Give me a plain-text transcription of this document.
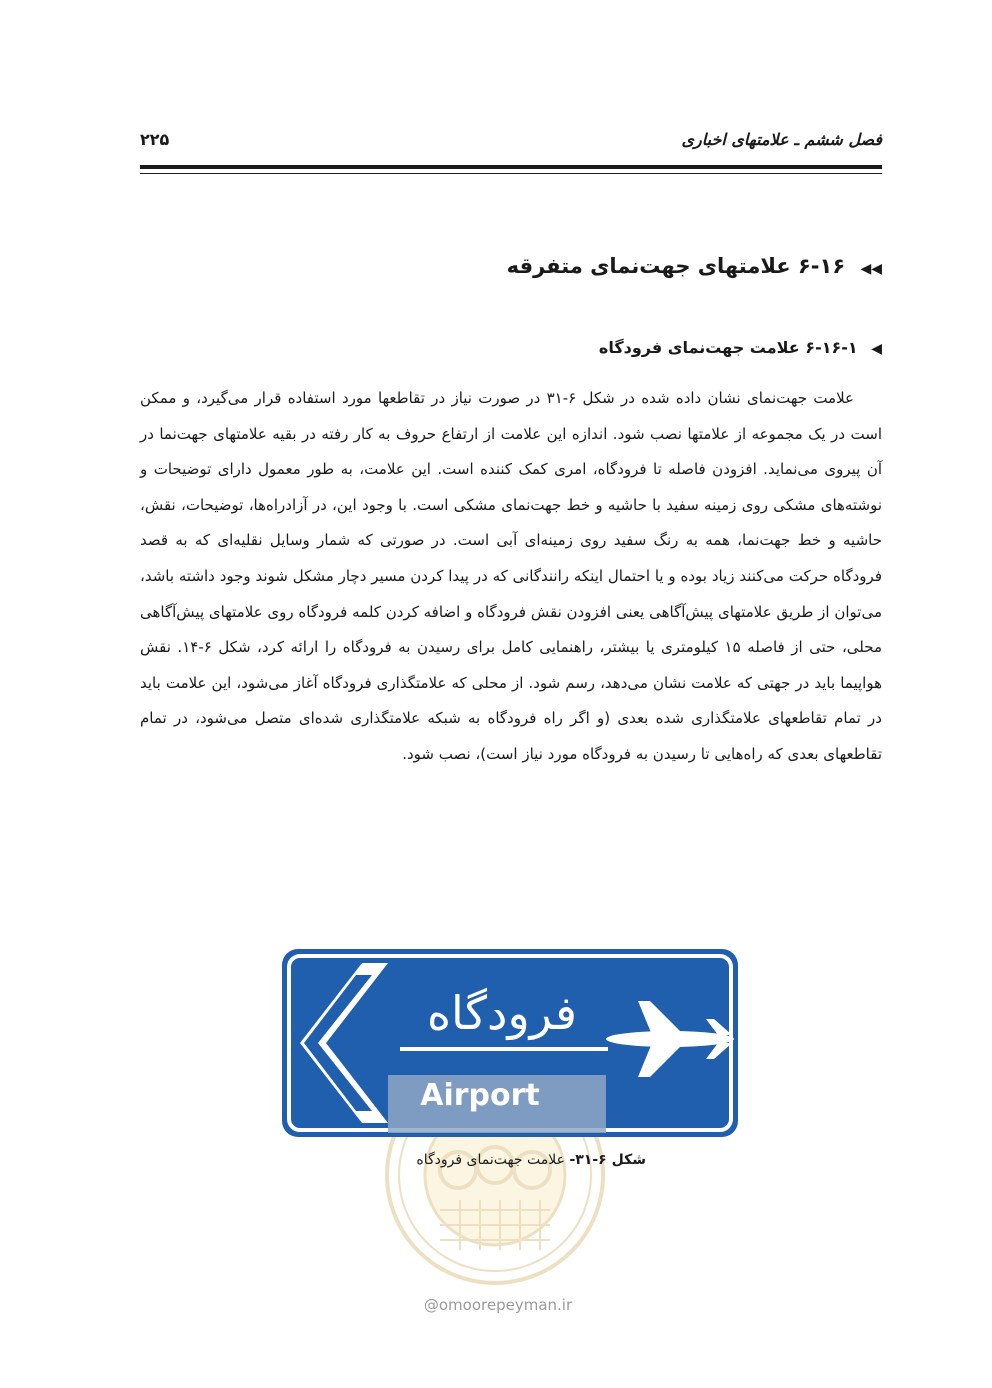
فصل ششم ـ علامتهای اخباری
۲۲۵
◀◀ ۶-۱۶ علامتهای جهت‌نمای متفرقه
◀ ۶-۱۶-۱ علامت جهت‌نمای فرودگاه

علامت جهت‌نمای نشان داده شده در شکل ۶-۳۱ در صورت نیاز در تقاطعها مورد استفاده قرار می‌گیرد، و ممکن است در یک مجموعه از علامتها نصب شود. اندازه این علامت از ارتفاع حروف به کار رفته در بقیه علامتهای جهت‌نما در آن پیروی می‌نماید. افزودن فاصله تا فرودگاه، امری کمک کننده است. این علامت، به طور معمول دارای توضیحات و نوشته‌های مشکی روی زمینه سفید با حاشیه و خط جهت‌نمای مشکی است. با وجود این، در آزادراه‌ها، توضیحات، نقش، حاشیه و خط جهت‌نما، همه به رنگ سفید روی زمینه‌ای آبی است. در صورتی که شمار وسایل نقلیه‌ای که به قصد فرودگاه حرکت می‌کنند زیاد بوده و یا احتمال اینکه رانندگانی که در پیدا کردن مسیر دچار مشکل شوند وجود داشته باشد، می‌توان از طریق علامتهای پیش‌آگاهی یعنی افزودن نقش فرودگاه و اضافه کردن کلمه فرودگاه روی علامتهای پیش‌آگاهی محلی، حتی از فاصله ۱۵ کیلومتری یا بیشتر، راهنمایی کامل برای رسیدن به فرودگاه را ارائه کرد، شکل ۶-۱۴. نقش هواپیما باید در جهتی که علامت نشان می‌دهد، رسم شود. از محلی که علامتگذاری فرودگاه آغاز می‌شود، این علامت باید در تمام تقاطعهای علامتگذاری شده بعدی (و اگر راه فرودگاه به شبکه علامتگذاری شده‌ای متصل می‌شود، در تمام تقاطعهای بعدی که راه‌هایی تا رسیدن به فرودگاه مورد نیاز است)، نصب شود.

فرودگاه
Airport
شکل ۶-۳۱- علامت جهت‌نمای فرودگاه
@omoorepeyman.ir
